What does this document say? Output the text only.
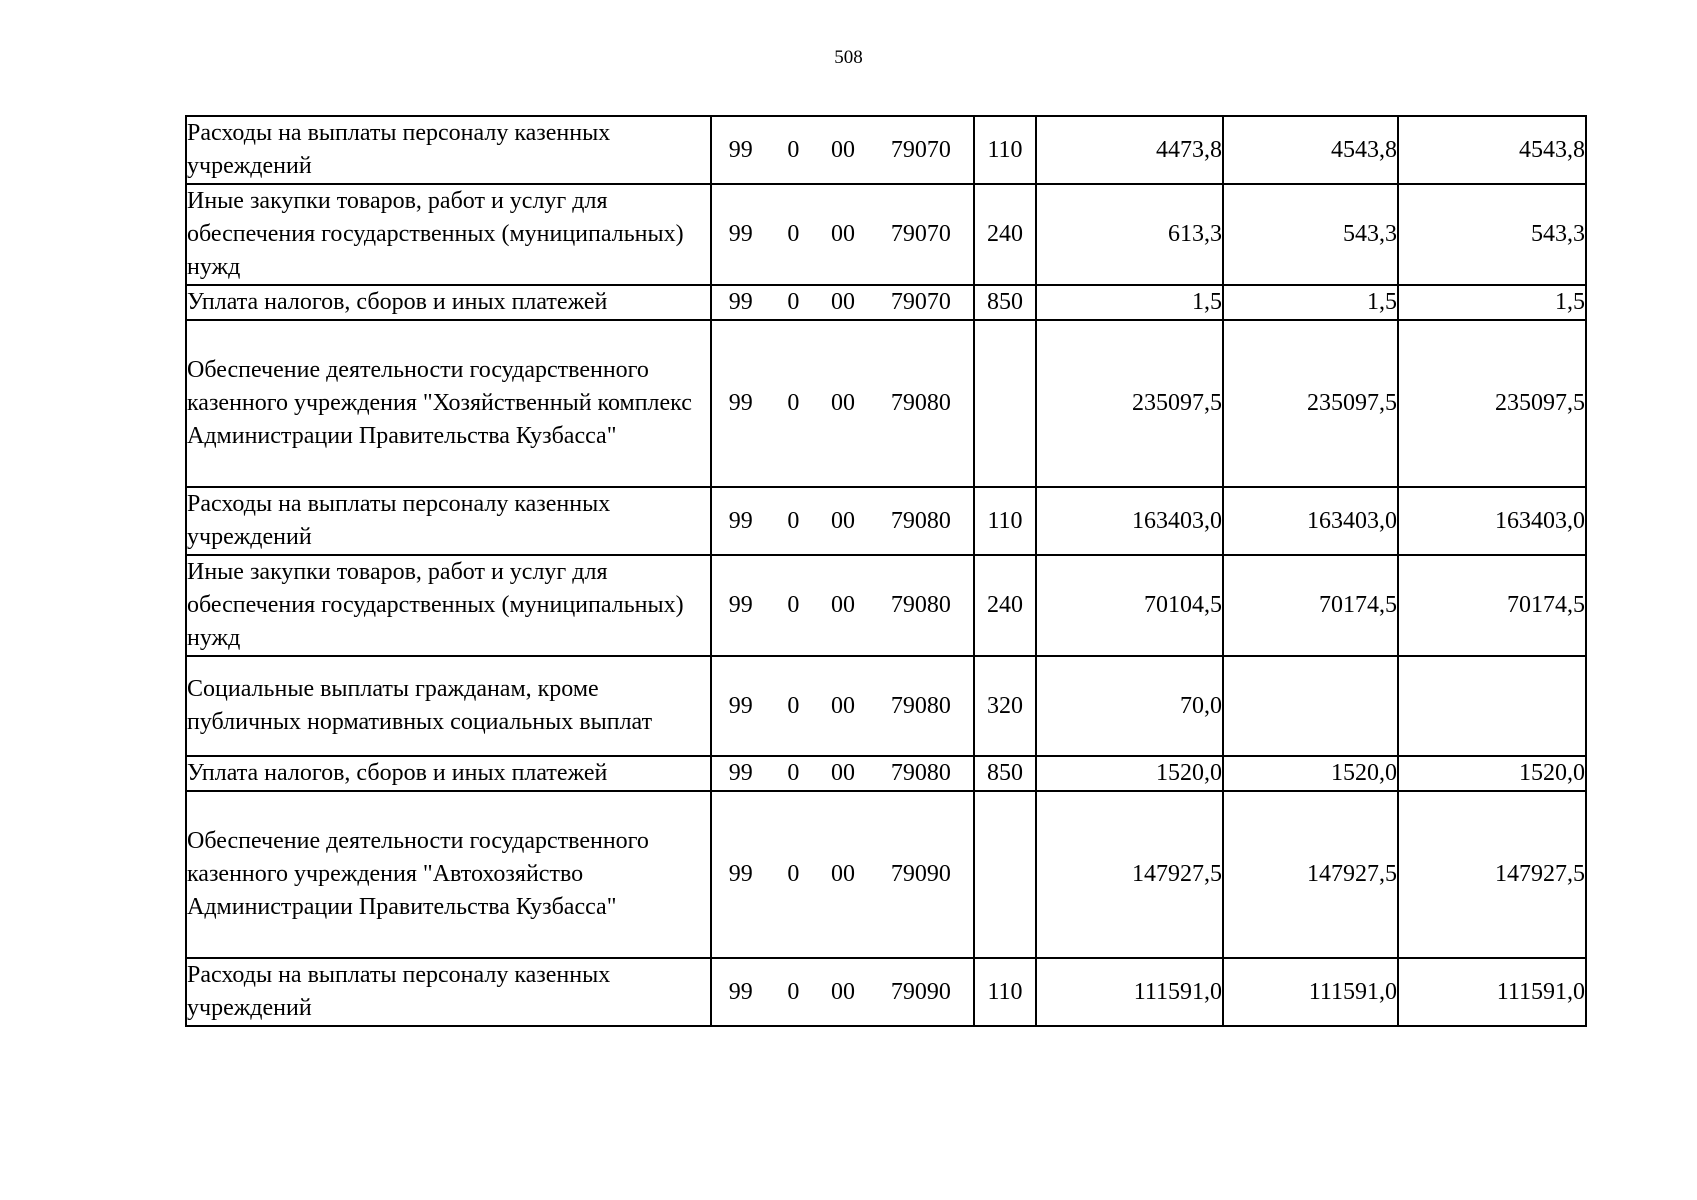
508
Расходы на выплаты персоналу казенных учреждений	99 0 00 79070	110	4473,8	4543,8	4543,8
Иные закупки товаров, работ и услуг для обеспечения государственных (муниципальных) нужд	99 0 00 79070	240	613,3	543,3	543,3
Уплата налогов, сборов и иных платежей	99 0 00 79070	850	1,5	1,5	1,5
Обеспечение деятельности государственного казенного учреждения "Хозяйственный комплекс Администрации Правительства Кузбасса"	99 0 00 79080		235097,5	235097,5	235097,5
Расходы на выплаты персоналу казенных учреждений	99 0 00 79080	110	163403,0	163403,0	163403,0
Иные закупки товаров, работ и услуг для обеспечения государственных (муниципальных) нужд	99 0 00 79080	240	70104,5	70174,5	70174,5
Социальные выплаты гражданам, кроме публичных нормативных социальных выплат	99 0 00 79080	320	70,0		
Уплата налогов, сборов и иных платежей	99 0 00 79080	850	1520,0	1520,0	1520,0
Обеспечение деятельности государственного казенного учреждения "Автохозяйство Администрации Правительства Кузбасса"	99 0 00 79090		147927,5	147927,5	147927,5
Расходы на выплаты персоналу казенных учреждений	99 0 00 79090	110	111591,0	111591,0	111591,0
